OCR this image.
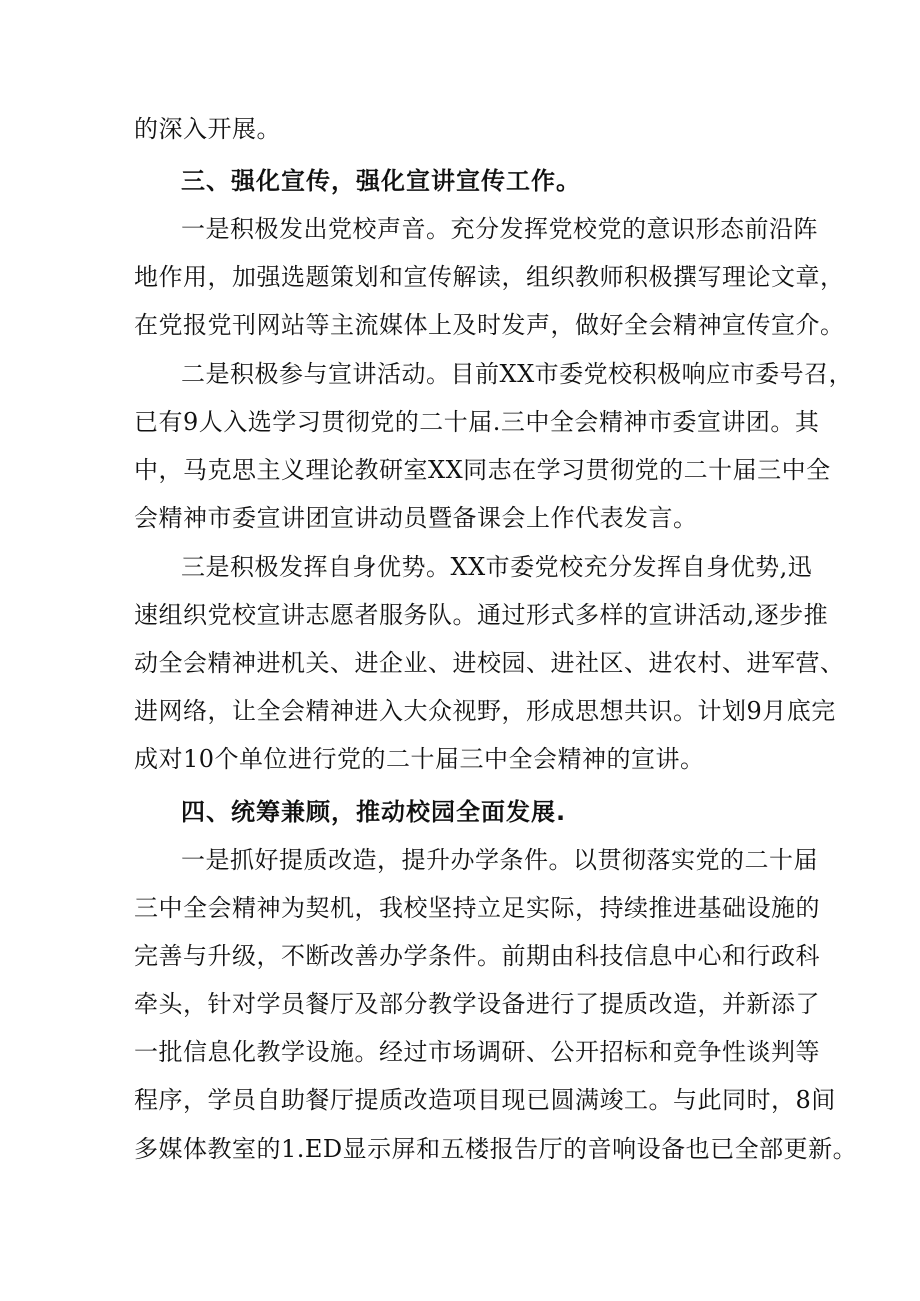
的深入开展。
三、强化宣传，强化宣讲宣传工作。
一是积极发出党校声音。充分发挥党校党的意识形态前沿阵
地作用，加强选题策划和宣传解读，组织教师积极撰写理论文章，
在党报党刊网站等主流媒体上及时发声，做好全会精神宣传宣介。
二是积极参与宣讲活动。目前XX市委党校积极响应市委号召，
已有9人入选学习贯彻党的二十届.三中全会精神市委宣讲团。其
中，马克思主义理论教研室XX同志在学习贯彻党的二十届三中全
会精神市委宣讲团宣讲动员暨备课会上作代表发言。
三是积极发挥自身优势。XX市委党校充分发挥自身优势,迅
速组织党校宣讲志愿者服务队。通过形式多样的宣讲活动,逐步推
动全会精神进机关、进企业、进校园、进社区、进农村、进军营、
进网络，让全会精神进入大众视野，形成思想共识。计划9月底完
成对10个单位进行党的二十届三中全会精神的宣讲。
四、统筹兼顾，推动校园全面发展.
一是抓好提质改造，提升办学条件。以贯彻落实党的二十届
三中全会精神为契机，我校坚持立足实际，持续推进基础设施的
完善与升级，不断改善办学条件。前期由科技信息中心和行政科
牵头，针对学员餐厅及部分教学设备进行了提质改造，并新添了
一批信息化教学设施。经过市场调研、公开招标和竞争性谈判等
程序，学员自助餐厅提质改造项目现已圆满竣工。与此同时，8间
多媒体教室的1.ED显示屏和五楼报告厅的音响设备也已全部更新。
